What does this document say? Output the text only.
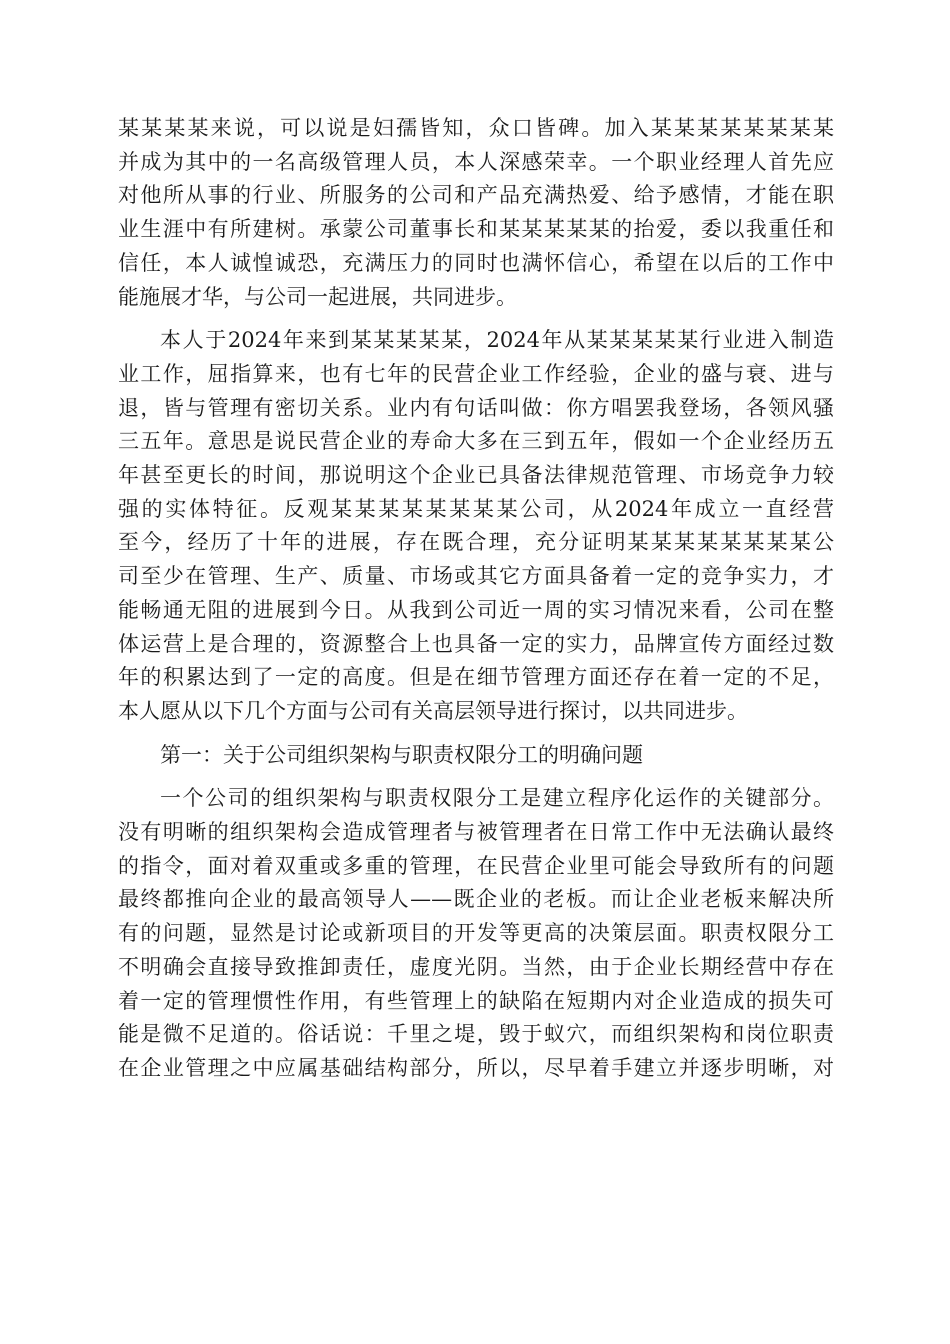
某某某某来说，可以说是妇孺皆知，众口皆碑。加入某某某某某某某某
并成为其中的一名高级管理人员，本人深感荣幸。一个职业经理人首先应
对他所从事的行业、所服务的公司和产品充满热爱、给予感情，才能在职
业生涯中有所建树。承蒙公司董事长和某某某某某的抬爱，委以我重任和
信任，本人诚惶诚恐，充满压力的同时也满怀信心，希望在以后的工作中
能施展才华，与公司一起进展，共同进步。
本人于2024年来到某某某某某，2024年从某某某某某行业进入制造
业工作，屈指算来，也有七年的民营企业工作经验，企业的盛与衰、进与
退，皆与管理有密切关系。业内有句话叫做：你方唱罢我登场，各领风骚
三五年。意思是说民营企业的寿命大多在三到五年，假如一个企业经历五
年甚至更长的时间，那说明这个企业已具备法律规范管理、市场竞争力较
强的实体特征。反观某某某某某某某某公司，从2024年成立一直经营
至今，经历了十年的进展，存在既合理，充分证明某某某某某某某某公
司至少在管理、生产、质量、市场或其它方面具备着一定的竞争实力，才
能畅通无阻的进展到今日。从我到公司近一周的实习情况来看，公司在整
体运营上是合理的，资源整合上也具备一定的实力，品牌宣传方面经过数
年的积累达到了一定的高度。但是在细节管理方面还存在着一定的不足，
本人愿从以下几个方面与公司有关高层领导进行探讨，以共同进步。
第一：关于公司组织架构与职责权限分工的明确问题
一个公司的组织架构与职责权限分工是建立程序化运作的关键部分。
没有明晰的组织架构会造成管理者与被管理者在日常工作中无法确认最终
的指令，面对着双重或多重的管理，在民营企业里可能会导致所有的问题
最终都推向企业的最高领导人——既企业的老板。而让企业老板来解决所
有的问题，显然是讨论或新项目的开发等更高的决策层面。职责权限分工
不明确会直接导致推卸责任，虚度光阴。当然，由于企业长期经营中存在
着一定的管理惯性作用，有些管理上的缺陷在短期内对企业造成的损失可
能是微不足道的。俗话说：千里之堤，毁于蚁穴，而组织架构和岗位职责
在企业管理之中应属基础结构部分，所以，尽早着手建立并逐步明晰，对
